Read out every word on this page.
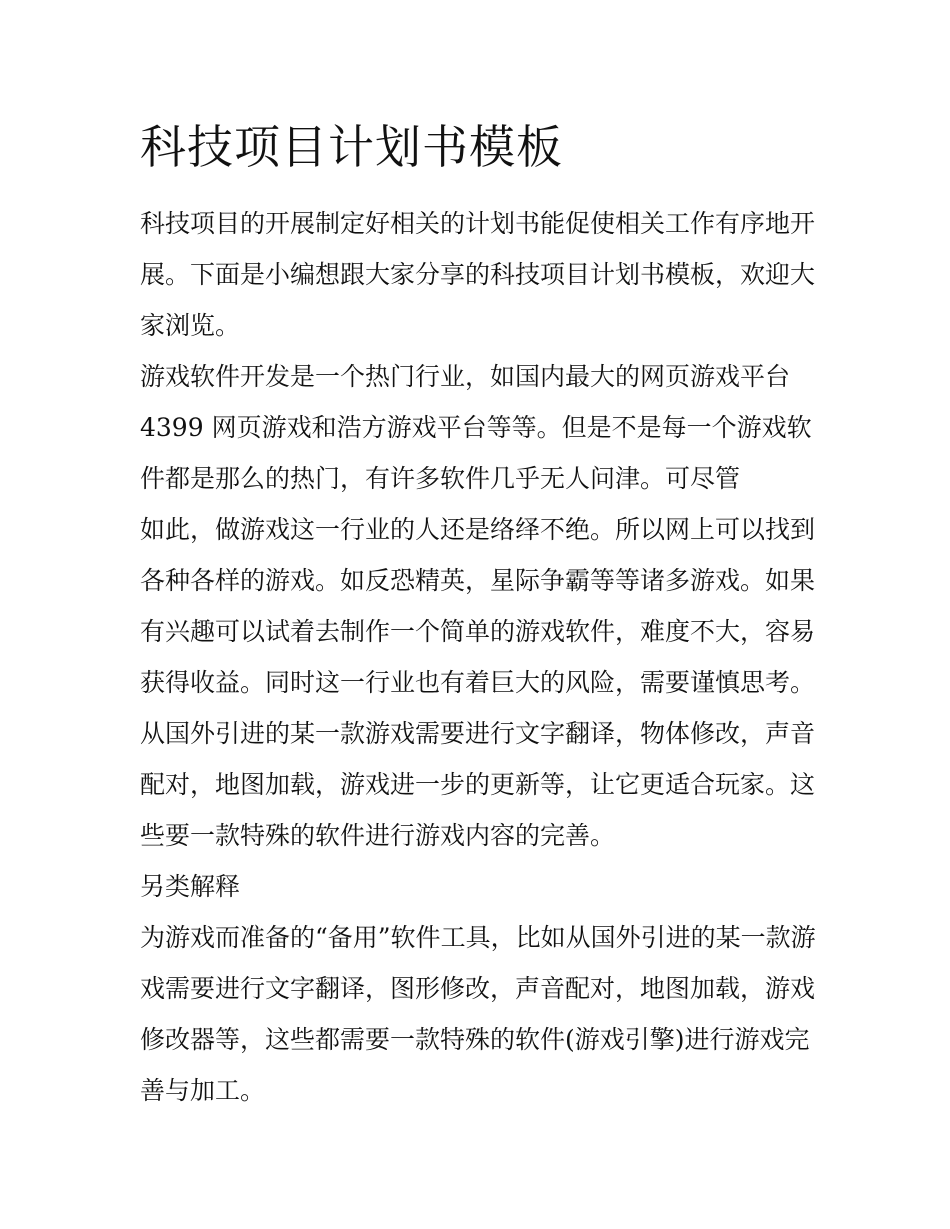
科技项目计划书模板
科技项目的开展制定好相关的计划书能促使相关工作有序地开
展。下面是小编想跟大家分享的科技项目计划书模板，欢迎大
家浏览。
游戏软件开发是一个热门行业，如国内最大的网页游戏平台
4399 网页游戏和浩方游戏平台等等。但是不是每一个游戏软
件都是那么的热门，有许多软件几乎无人问津。可尽管
如此，做游戏这一行业的人还是络绎不绝。所以网上可以找到
各种各样的游戏。如反恐精英，星际争霸等等诸多游戏。如果
有兴趣可以试着去制作一个简单的游戏软件，难度不大，容易
获得收益。同时这一行业也有着巨大的风险，需要谨慎思考。
从国外引进的某一款游戏需要进行文字翻译，物体修改，声音
配对，地图加载，游戏进一步的更新等，让它更适合玩家。这
些要一款特殊的软件进行游戏内容的完善。
另类解释
为游戏而准备的“备用”软件工具，比如从国外引进的某一款游
戏需要进行文字翻译，图形修改，声音配对，地图加载，游戏
修改器等，这些都需要一款特殊的软件(游戏引擎)进行游戏完
善与加工。
